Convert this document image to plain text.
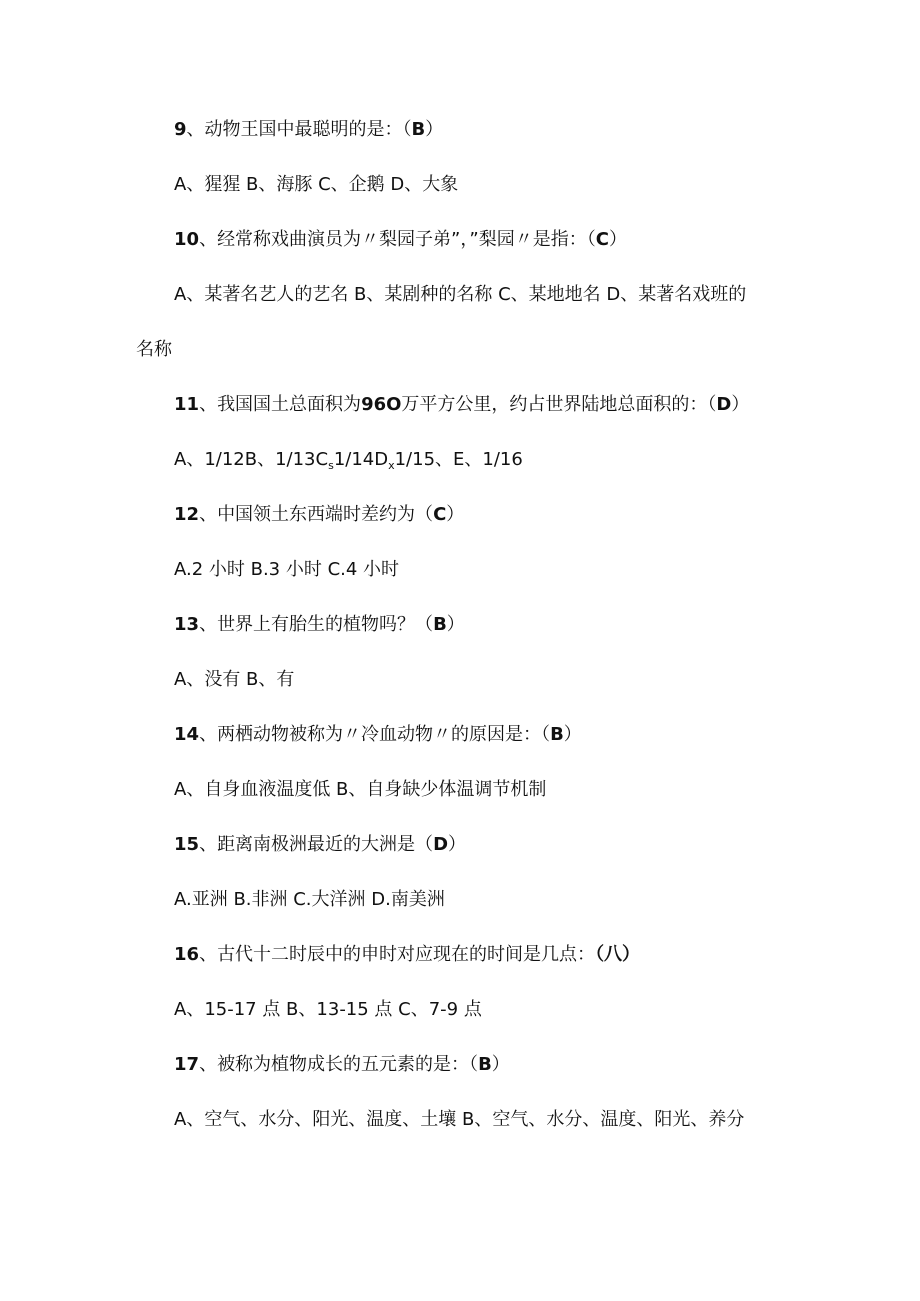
9、动物王国中最聪明的是：（B）
A、猩猩 B、海豚 C、企鹅 D、大象
10、经常称戏曲演员为〃梨园子弟”，”梨园〃是指：（C）
A、某著名艺人的艺名 B、某剧种的名称 C、某地地名 D、某著名戏班的
名称
11、我国国土总面积为96O万平方公里，约占世界陆地总面积的：（D）
A、1/12B、$1/13C_s1/14D_x1/15$、E、1/16
12、中国领土东西端时差约为（C）
A.2 小时 B.3 小时 C.4 小时
13、世界上有胎生的植物吗？（B）
A、没有 B、有
14、两栖动物被称为〃冷血动物〃的原因是：（B）
A、自身血液温度低 B、自身缺少体温调节机制
15、距离南极洲最近的大洲是（D）
A.亚洲 B.非洲 C.大洋洲 D.南美洲
16、古代十二时辰中的申时对应现在的时间是几点：（八）
A、15-17 点 B、13-15 点 C、7-9 点
17、被称为植物成长的五元素的是：（B）
A、空气、水分、阳光、温度、土壤 B、空气、水分、温度、阳光、养分
